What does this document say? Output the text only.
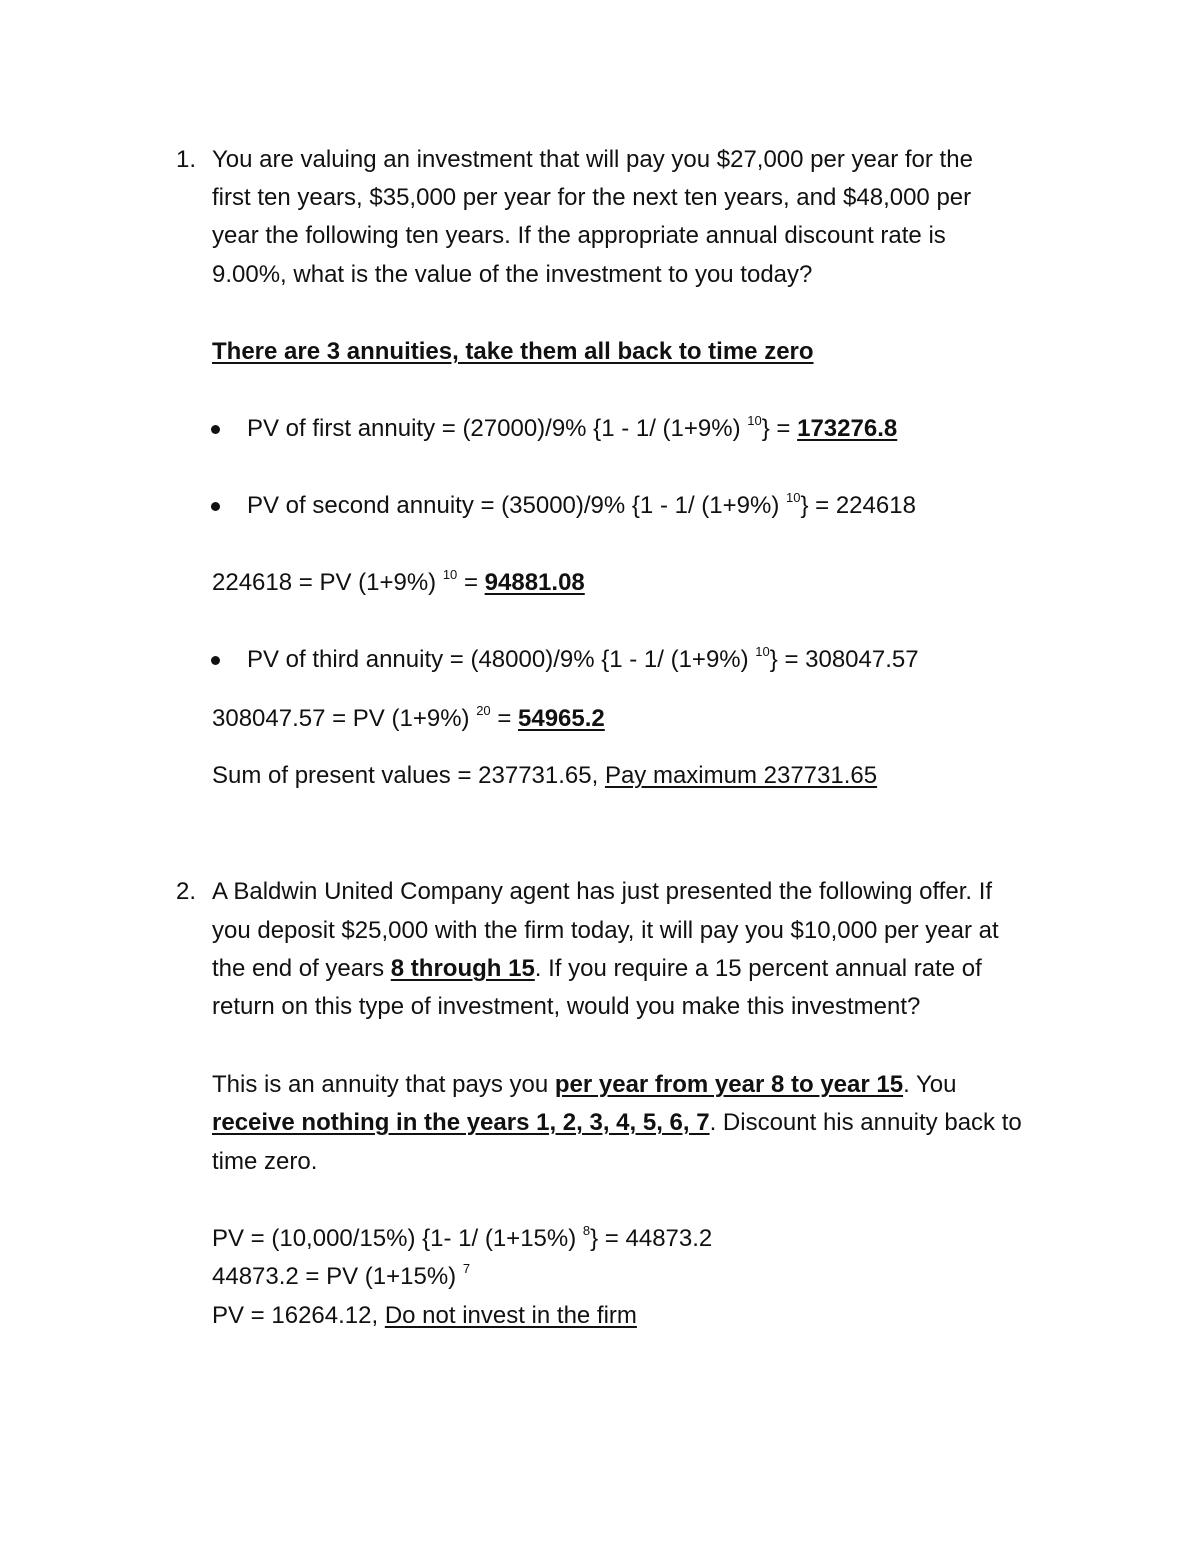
1. You are valuing an investment that will pay you $27,000 per year for the
first ten years, $35,000 per year for the next ten years, and $48,000 per
year the following ten years. If the appropriate annual discount rate is
9.00%, what is the value of the investment to you today?
There are 3 annuities, take them all back to time zero
PV of first annuity = (27000)/9% {1 - 1/ (1+9%) $^{10}$} = 173276.8
PV of second annuity = (35000)/9% {1 - 1/ (1+9%) $^{10}$} = 224618
224618 = PV (1+9%) $^{10}$ = 94881.08
PV of third annuity = (48000)/9% {1 - 1/ (1+9%) $^{10}$} = 308047.57
308047.57 = PV (1+9%) $^{20}$ = 54965.2
Sum of present values = 237731.65, Pay maximum 237731.65
2. A Baldwin United Company agent has just presented the following offer. If
you deposit $25,000 with the firm today, it will pay you $10,000 per year at
the end of years 8 through 15. If you require a 15 percent annual rate of
return on this type of investment, would you make this investment?
This is an annuity that pays you per year from year 8 to year 15. You
receive nothing in the years 1, 2, 3, 4, 5, 6, 7. Discount his annuity back to
time zero.
PV = (10,000/15%) {1- 1/ (1+15%) $^8$} = 44873.2
44873.2 = PV (1+15%) $^7$
PV = 16264.12, Do not invest in the firm
